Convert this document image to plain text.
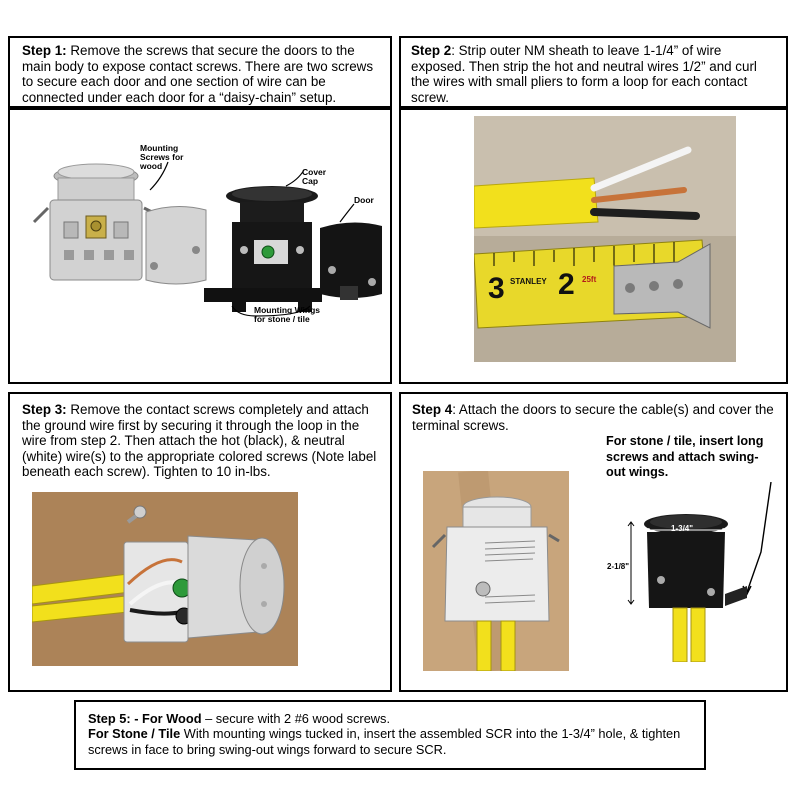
Step 1: Remove the screws that secure the doors to the main body to expose contact screws. There are two screws to secure each door and one section of wire can be connected under each door for a “daisy-chain” setup.
Mounting Screws for wood
Cover Cap
Door
Mounting Wings for stone / tile
Step 2: Strip outer NM sheath to leave 1-1/4” of wire exposed. Then strip the hot and neutral wires 1/2” and curl the wires with small pliers to form a loop for each contact screw.
3 2
STANLEY	25ft
Step 3: Remove the contact screws completely and attach the ground wire first by securing it through the loop in the wire from step 2. Then attach the hot (black), & neutral (white) wire(s) to the appropriate colored screws (Note label beneath each screw). Tighten to 10 in-lbs.
Step 4: Attach the doors to secure the cable(s) and cover the terminal screws.
For stone / tile, insert long screws and attach swing-out wings.
1-3/4"
2-1/8"
Step 5: - For Wood – secure with 2 #6 wood screws.
For Stone / Tile With mounting wings tucked in, insert the assembled SCR into the 1-3/4” hole, & tighten screws in face to bring swing-out wings forward to secure SCR.
